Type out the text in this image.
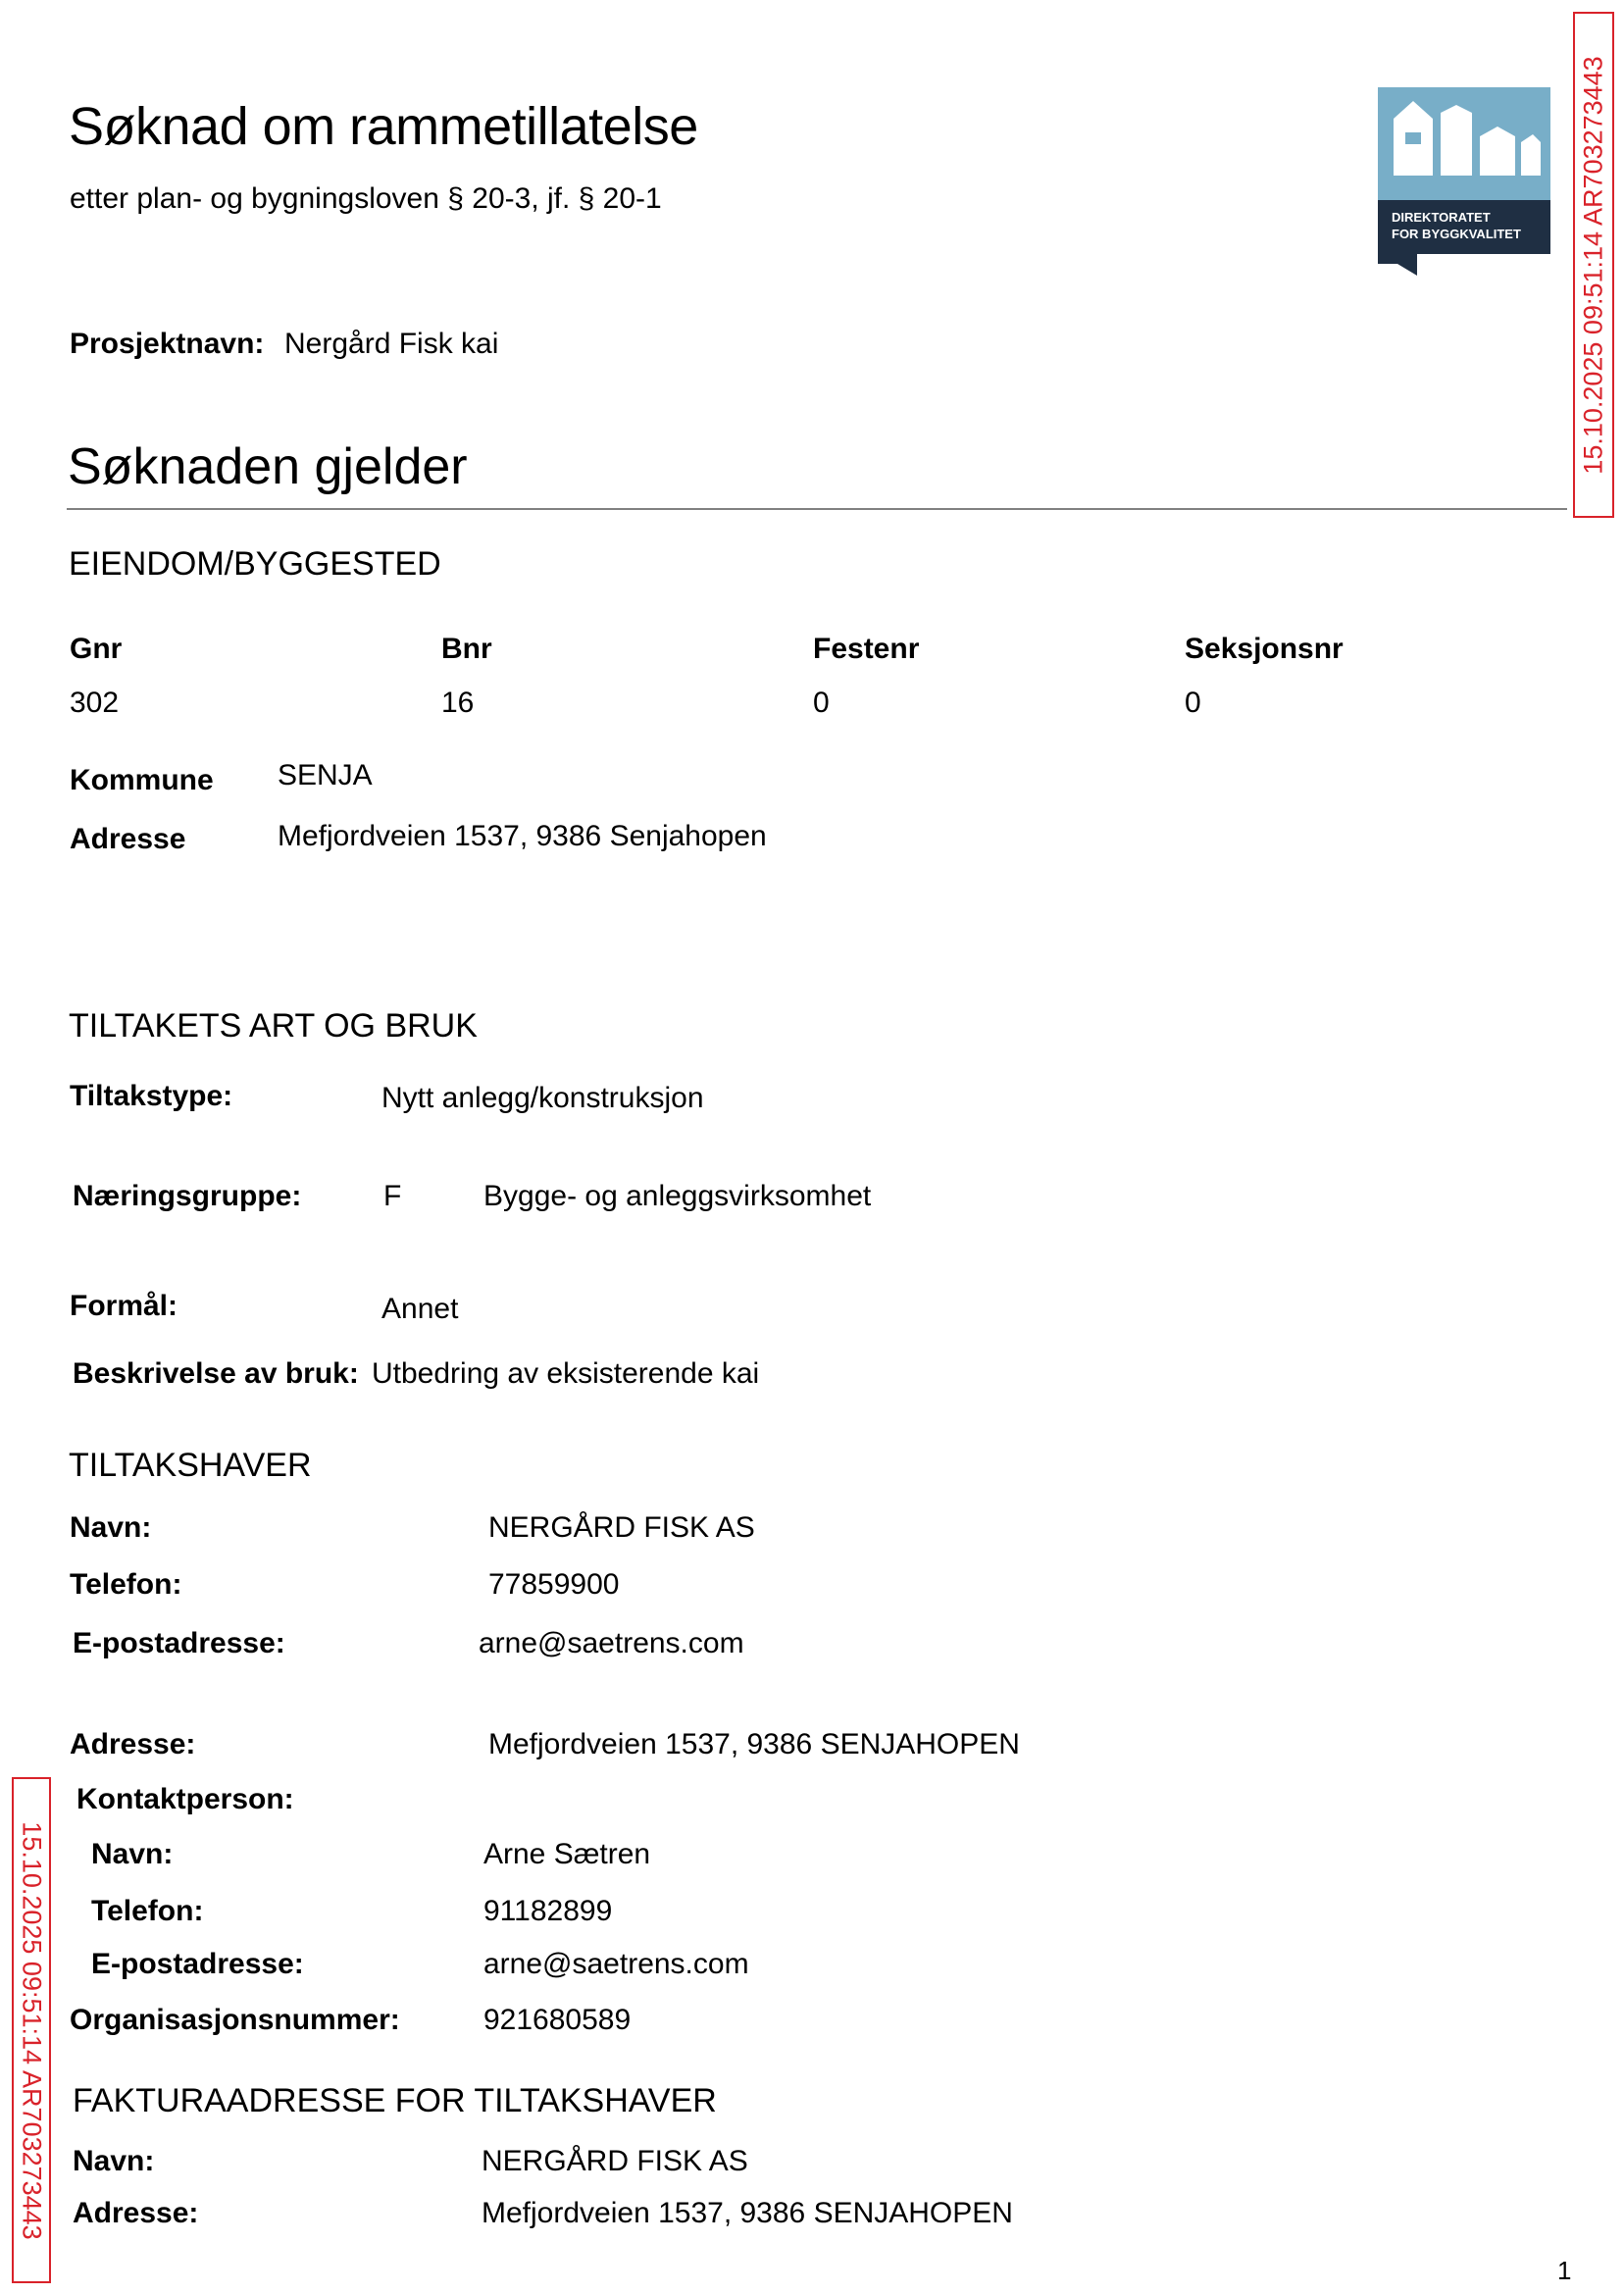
Søknad om rammetillatelse
etter plan- og bygningsloven § 20-3, jf. § 20-1
DIREKTORATET
FOR BYGGKVALITET 15.10.2025 09:51:14 AR703273443
Prosjektnavn: Nergård Fisk kai
Søknaden gjelder
EIENDOM/BYGGESTED
Gnr	Bnr	Festenr	Seksjonsnr
302	16	0	0
Kommune SENJA
Adresse	Mefjordveien 1537, 9386 Senjahopen
TILTAKETS ART OG BRUK
Tiltakstype:	Nytt anlegg/konstruksjon
Næringsgruppe:	F	Bygge- og anleggsvirksomhet
Formål:	Annet
Beskrivelse av bruk: Utbedring av eksisterende kai
TILTAKSHAVER
Navn:	NERGÅRD FISK AS
Telefon:	77859900
E-postadresse:	arne@saetrens.com
Adresse:	Mefjordveien 1537, 9386 SENJAHOPEN
Kontaktperson:
Navn:	Arne Sætren
Telefon:	91182899
E-postadresse:	arne@saetrens.com
Organisasjonsnummer:	921680589
FAKTURAADRESSE FOR TILTAKSHAVER
Navn:	NERGÅRD FISK AS
Adresse:	Mefjordveien 1537, 9386 SENJAHOPEN
15.10.2025 09:51:14 AR703273443
1
